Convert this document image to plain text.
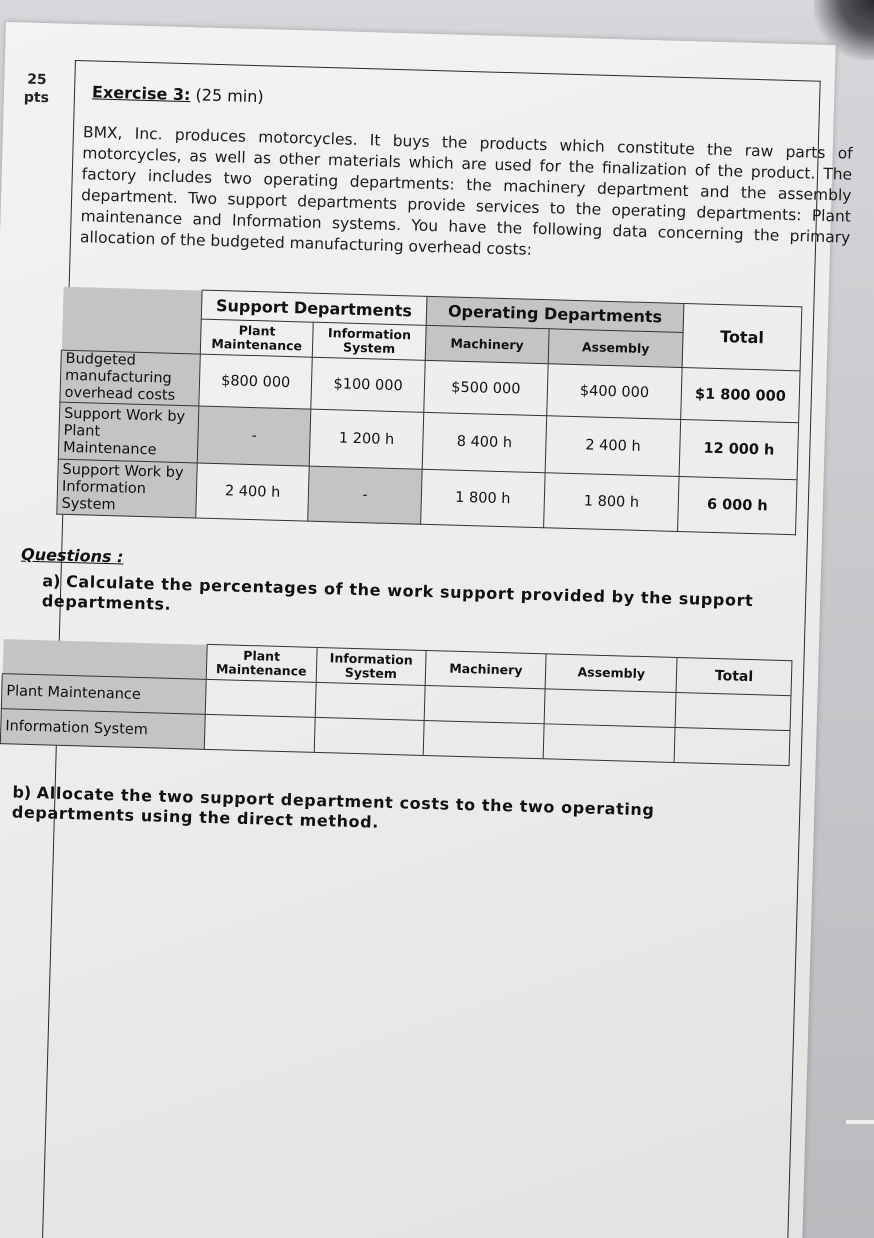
25
pts	Exercise 3: (25 min)
BMX, Inc. produces motorcycles. It buys the products which constitute the raw parts of motorcycles, as well as other materials which are used for the finalization of the product. The factory includes two operating departments: the machinery department and the assembly department. Two support departments provide services to the operating departments: Plant maintenance and Information systems. You have the following data concerning the primary allocation of the budgeted manufacturing overhead costs:
	Support Departments		Operating Departments		Total
	Plant Maintenance	Information System	Machinery	Assembly	
Budgeted manufacturing overhead costs	$800 000	$100 000	$500 000	$400 000	$1 800 000
Support Work by Plant Maintenance	-	1 200 h	8 400 h	2 400 h	12 000 h
Support Work by Information System	2 400 h	-	1 800 h	1 800 h	6 000 h
Questions :
a) Calculate the percentages of the work support provided by the support departments.
	Plant Maintenance	Information System	Machinery	Assembly	Total
Plant Maintenance					
Information System					
b) Allocate the two support department costs to the two operating departments using the direct method.
